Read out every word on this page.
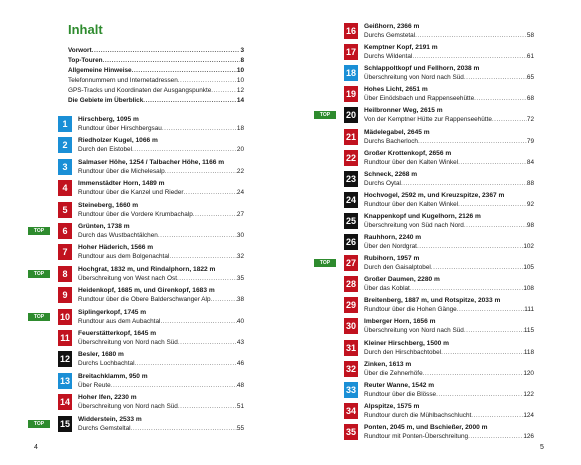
Inhalt
Vorwort .....	3
Top-Touren .....	8
Allgemeine Hinweise .....	10
Telefonnummern und Internetadressen .....	10
GPS-Tracks und Koordinaten der Ausgangspunkte .....	12
Die Gebiete im Überblick .....	14
1	Hirschberg, 1095 m
Rundtour über Hirschbergsau .....	18
2	Riedholzer Kugel, 1066 m
Durch den Eistobel .....	20
3	Salmaser Höhe, 1254 / Talbacher Höhe, 1166 m
Rundtour über die Michelesalp .....	22
4	Immenstädter Horn, 1489 m
Rundtour über die Kanzel und Rieder .....	24
5	Steineberg, 1660 m
Rundtour über die Vordere Krumbachalp .....	27
TOP	6	Grünten, 1738 m
Durch das Wustbachtälchen .....	30
7	Hoher Häderich, 1566 m
Rundtour aus dem Bolgenachtal .....	32
TOP	8	Hochgrat, 1832 m, und Rindalphorn, 1822 m
Überschreitung von West nach Ost .....	35
9	Heidenkopf, 1685 m, und Girenkopf, 1683 m
Rundtour über die Obere Balderschwanger Alp .....	38
TOP	10	Siplingerkopf, 1745 m
Rundtour aus dem Aubachtal .....	40
11	Feuerstätterkopf, 1645 m
Überschreitung von Nord nach Süd .....	43
12	Besler, 1680 m
Durchs Lochbachtal .....	46
13	Breitachklamm, 950 m
Über Reute .....	48
14	Hoher Ifen, 2230 m
Überschreitung von Nord nach Süd .....	51
TOP	15	Widderstein, 2533 m
Durchs Gemsteltal .....	55
4
16	Geißhorn, 2366 m
Durchs Gemstetal .....	58
17	Kemptner Kopf, 2191 m
Durchs Wildental .....	61
18	Schlappoltkopf und Fellhorn, 2038 m
Überschreitung von Nord nach Süd .....	65
19	Hohes Licht, 2651 m
Über Einödsbach und Rappenseehütte .....	68
TOP	20	Heilbronner Weg, 2615 m
Von der Kemptner Hütte zur Rappenseehütte .....	72
21	Mädelegabel, 2645 m
Durchs Bacherloch .....	79
22	Großer Krottenkopf, 2656 m
Rundtour über den Kalten Winkel .....	84
23	Schneck, 2268 m
Durchs Oytal .....	88
24	Hochvogel, 2592 m, und Kreuzspitze, 2367 m
Rundtour über den Kalten Winkel .....	92
25	Knappenkopf und Kugelhorn, 2126 m
Überschreitung von Süd nach Nord .....	98
26	Rauhhorn, 2240 m
Über den Nordgrat .....	102
TOP	27	Rubihorn, 1957 m
Durch den Gaisalptobel .....	105
28	Großer Daumen, 2280 m
Über das Koblat .....	108
29	Breitenberg, 1887 m, und Rotspitze, 2033 m
Rundtour über die Hohen Gänge .....	111
30	Imberger Horn, 1656 m
Überschreitung von Nord nach Süd .....	115
31	Kleiner Hirschberg, 1500 m
Durch den Hirschbachtobel .....	118
32	Zinken, 1613 m
Über die Zehnerhöfe .....	120
33	Reuter Wanne, 1542 m
Rundtour über die Blösse .....	122
34	Alpspitze, 1575 m
Rundtour durch die Mühlbachschlucht .....	124
35	Ponten, 2045 m, und Bschießer, 2000 m
Rundtour mit Ponten-Überschreitung .....	126
5
